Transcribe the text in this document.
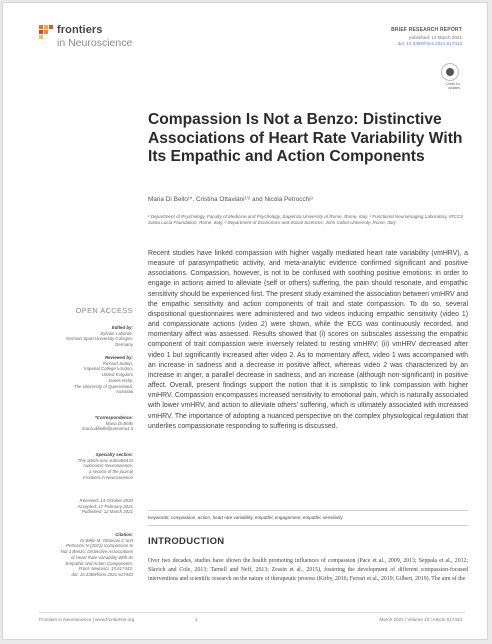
frontiers
in Neuroscience
BRIEF RESEARCH REPORT
published: 12 March 2021
doi: 10.3389/fnins.2021.617443
Check for updates
Compassion Is Not a Benzo: Distinctive Associations of Heart Rate Variability With Its Empathic and Action Components
Maria Di Bello¹*, Cristina Ottaviani¹ʼ² and Nicola Petrocchi³
¹ Department of Psychology, Faculty of Medicine and Psychology, Sapienza University of Rome, Rome, Italy, ² Functional Neuroimaging Laboratory, IRCCS Santa Lucia Foundation, Rome, Italy, ³ Department of Economics and Social Sciences, John Cabot University, Rome, Italy
OPEN ACCESS
Edited by:
Sylvain Laborde,
German Sport University Cologne,
Germany
Reviewed by:
Richard Sutton,
Imperial College London,
United Kingdom
James Kirby,
The University of Queensland,
Australia
*Correspondence:
Maria Di Bello
maria.dibello@uniroma1.it
Specialty section:
This article was submitted to
Autonomic Neuroscience,
a section of the journal
Frontiers in Neuroscience
Received: 14 October 2020
Accepted: 17 February 2021
Published: 12 March 2021
Citation:
Di Bello M, Ottaviani C and
Petrocchi N (2021) Compassion Is
Not a Benzo: Distinctive Associations
of Heart Rate Variability With Its
Empathic and Action Components.
Front. Neurosci. 15:617443.
doi: 10.3389/fnins.2021.617443
Recent studies have linked compassion with higher vagally mediated heart rate variability (vmHRV), a measure of parasympathetic activity, and meta-analytic evidence confirmed significant and positive associations. Compassion, however, is not to be confused with soothing positive emotions: in order to engage in actions aimed to alleviate (self or others) suffering, the pain should resonate, and empathic sensitivity should be experienced first. The present study examined the association between vmHRV and the empathic sensitivity and action components of trait and state compassion. To do so, several dispositional questionnaires were administered and two videos inducing empathic sensitivity (video 1) and compassionate actions (video 2) were shown, while the ECG was continuously recorded, and momentary affect was assessed. Results showed that (i) scores on subscales assessing the empathic component of trait compassion were inversely related to resting vmHRV; (ii) vmHRV decreased after video 1 but significantly increased after video 2. As to momentary affect, video 1 was accompanied with an increase in sadness and a decrease in positive affect, whereas video 2 was characterized by an increase in anger, a parallel decrease in sadness, and an increase (although non-significant) in positive affect. Overall, present findings support the notion that it is simplistic to link compassion with higher vmHRV. Compassion encompasses increased sensitivity to emotional pain, which is naturally associated with lower vmHRV, and action to alleviate others' suffering, which is ultimately associated with increased vmHRV. The importance of adopting a nuanced perspective on the complex physiological regulation that underlies compassionate responding to suffering is discussed.
Keywords: compassion, action, heart rate variability, empathic engagement, empathic sensitivity
INTRODUCTION
Over two decades, studies have shown the health promoting influences of compassion (Pace et al., 2009, 2013; Seppala et al., 2012; Slavich and Cole, 2013; Tarnell and Neff, 2013; Zessin et al., 2015), fostering the development of different compassion-focused interventions and scientific research on the nature of therapeutic process (Kirby, 2016; Ferrari et al., 2019; Gilbert, 2019). The aim of the
Frontiers in Neuroscience | www.frontiersin.org	1	March 2021 | Volume 15 | Article 617443
